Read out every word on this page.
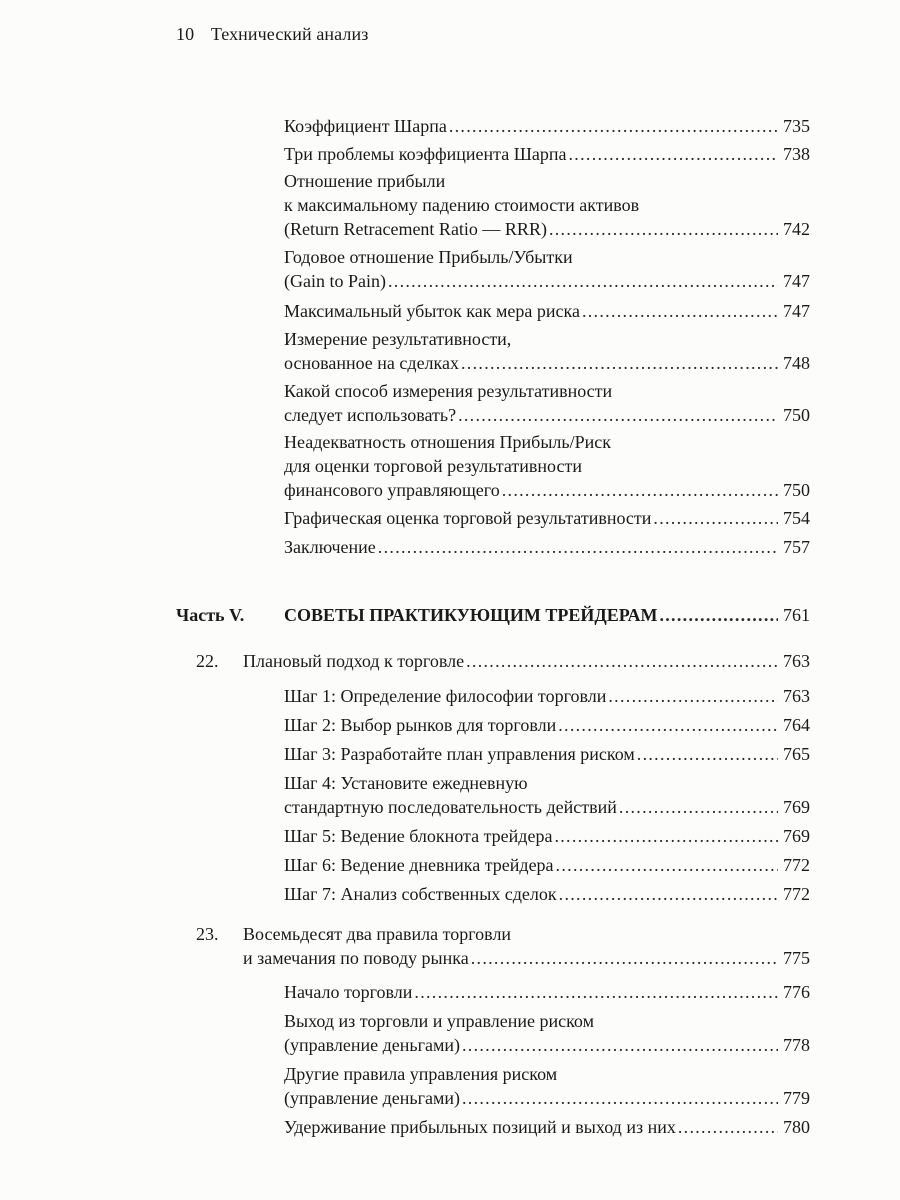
10 Технический анализ
Коэффициент Шарпа . . .	735
Три проблемы коэффициента Шарпа . . .	738
Отношение прибыли
к максимальному падению стоимости активов
(Return Retracement Ratio — RRR) . . .	742
Годовое отношение Прибыль/Убытки
(Gain to Pain) . . .	747
Максимальный убыток как мера риска . . .	747
Измерение результативности,
основанное на сделках . . .	748
Какой способ измерения результативности
следует использовать? . . .	750
Неадекватность отношения Прибыль/Риск
для оценки торговой результативности
финансового управляющего . . .	750
Графическая оценка торговой результативности . . .	754
Заключение . . .	757
Часть V. СОВЕТЫ ПРАКТИКУЮЩИМ ТРЕЙДЕРАМ . . .	761
22. Плановый подход к торговле . . .	763
Шаг 1: Определение философии торговли . . .	763
Шаг 2: Выбор рынков для торговли . . .	764
Шаг 3: Разработайте план управления риском . . .	765
Шаг 4: Установите ежедневную
стандартную последовательность действий . . .	769
Шаг 5: Ведение блокнота трейдера . . .	769
Шаг 6: Ведение дневника трейдера . . .	772
Шаг 7: Анализ собственных сделок . . .	772
23. Восемьдесят два правила торговли
и замечания по поводу рынка . . .	775
Начало торговли . . .	776
Выход из торговли и управление риском
(управление деньгами) . . .	778
Другие правила управления риском
(управление деньгами) . . .	779
Удерживание прибыльных позиций и выход из них . . .	780
